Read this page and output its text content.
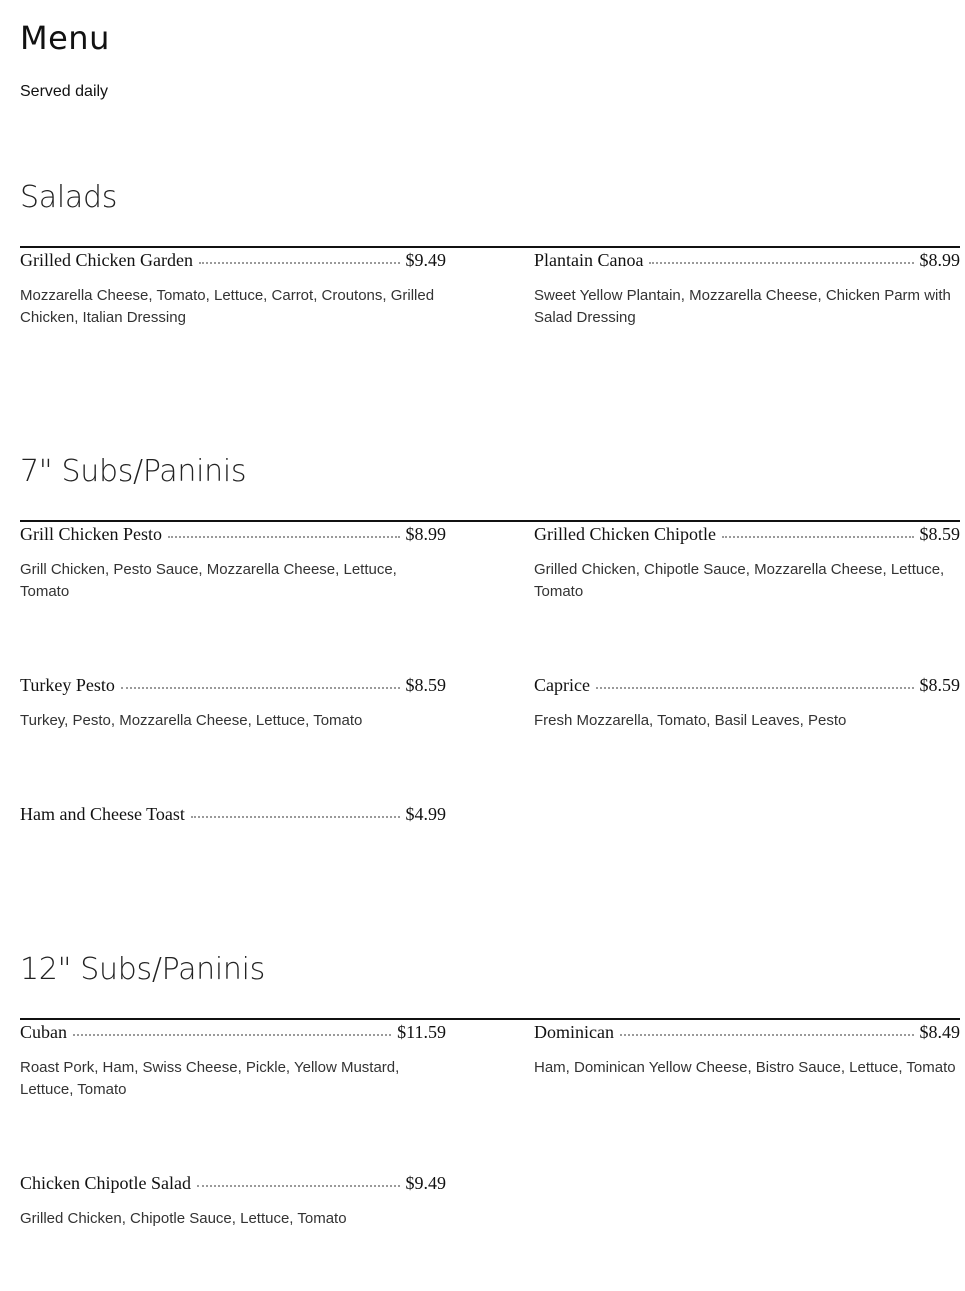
Menu

Served daily

Salads
Grilled Chicken Garden	$9.49
Mozzarella Cheese, Tomato, Lettuce, Carrot, Croutons, Grilled Chicken, Italian Dressing
Plantain Canoa	$8.99
Sweet Yellow Plantain, Mozzarella Cheese, Chicken Parm with Salad Dressing
7" Subs/Paninis
Grill Chicken Pesto	$8.99
Grill Chicken, Pesto Sauce, Mozzarella Cheese, Lettuce, Tomato
Grilled Chicken Chipotle	$8.59
Grilled Chicken, Chipotle Sauce, Mozzarella Cheese, Lettuce, Tomato
Turkey Pesto	$8.59
Turkey, Pesto, Mozzarella Cheese, Lettuce, Tomato
Caprice	$8.59
Fresh Mozzarella, Tomato, Basil Leaves, Pesto
Ham and Cheese Toast	$4.99
12" Subs/Paninis
Cuban	$11.59
Roast Pork, Ham, Swiss Cheese, Pickle, Yellow Mustard, Lettuce, Tomato
Dominican	$8.49
Ham, Dominican Yellow Cheese, Bistro Sauce, Lettuce, Tomato
Chicken Chipotle Salad	$9.49
Grilled Chicken, Chipotle Sauce, Lettuce, Tomato
